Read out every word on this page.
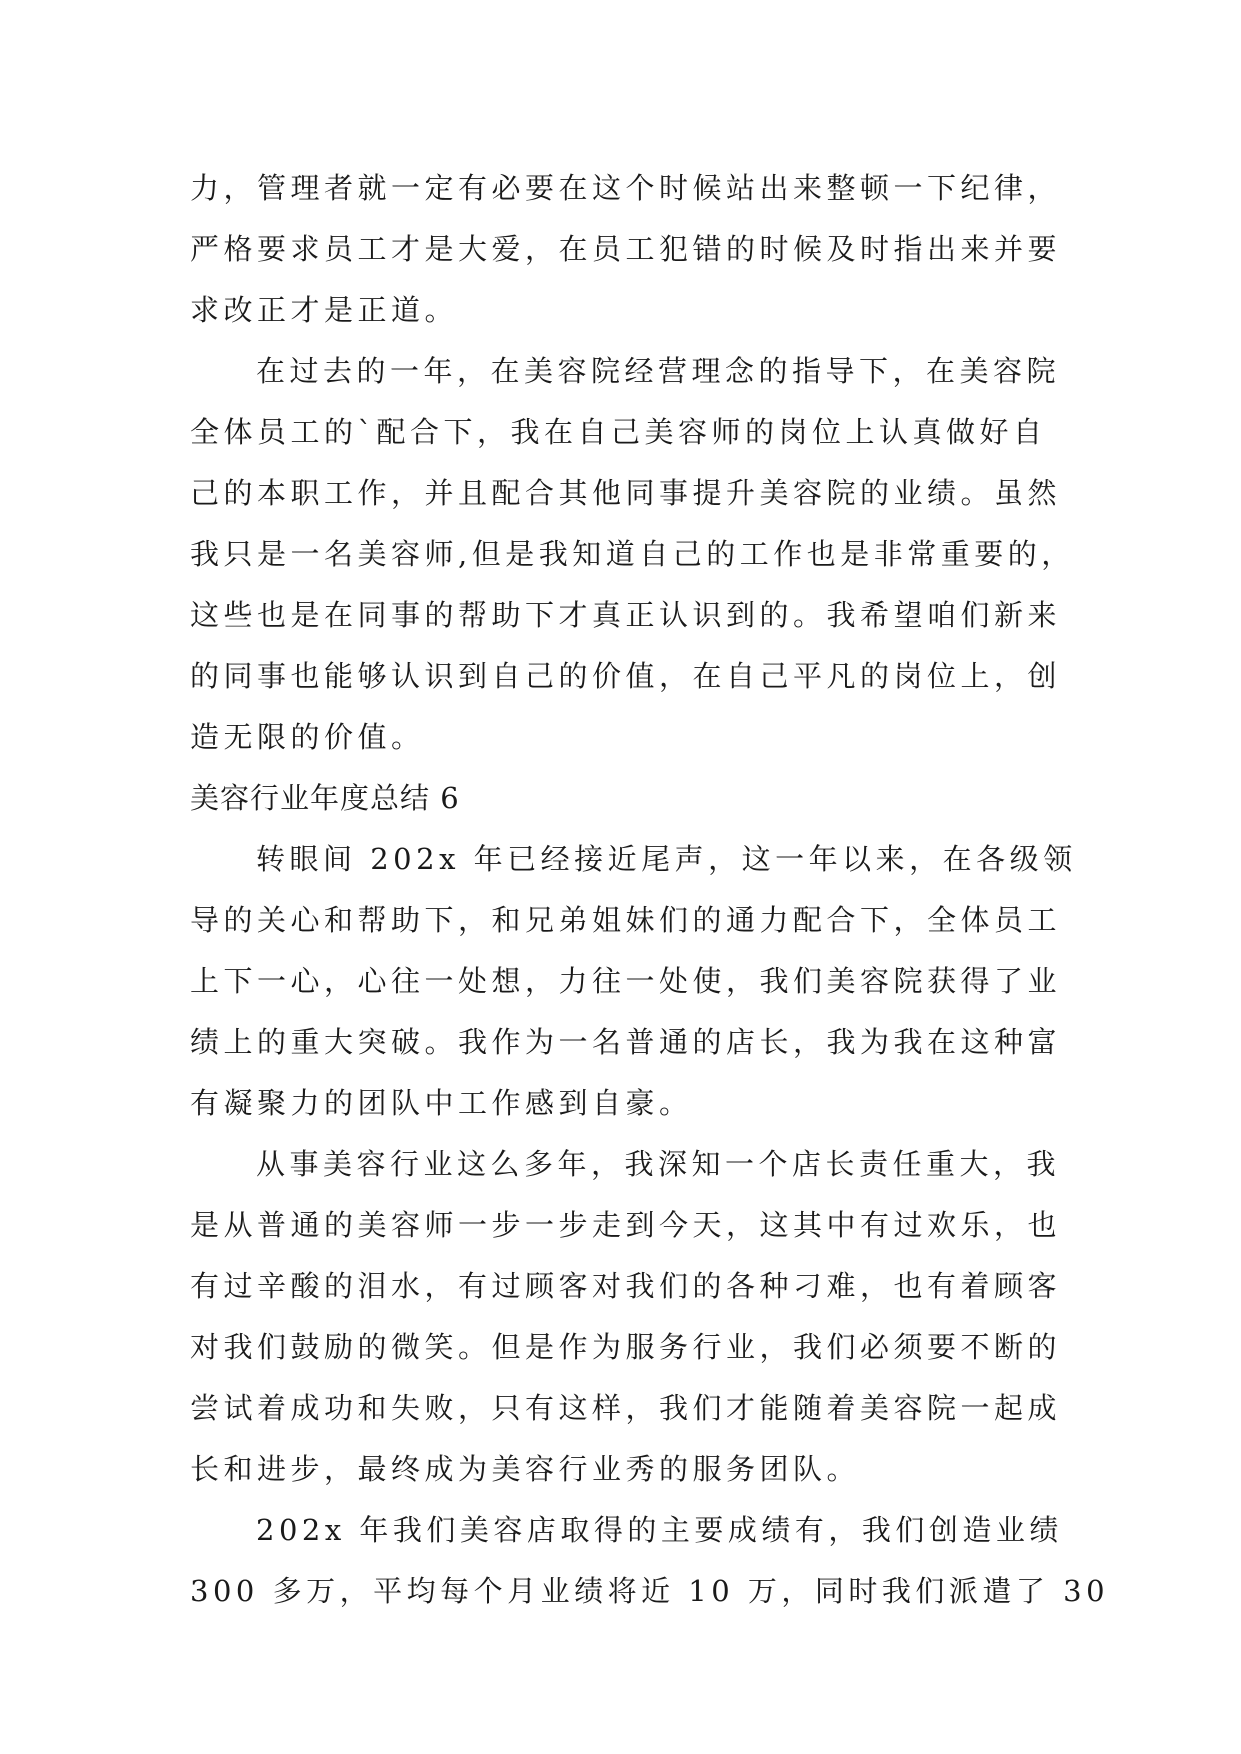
力，管理者就一定有必要在这个时候站出来整顿一下纪律，
严格要求员工才是大爱，在员工犯错的时候及时指出来并要
求改正才是正道。
在过去的一年，在美容院经营理念的指导下，在美容院
全体员工的`配合下，我在自己美容师的岗位上认真做好自
己的本职工作，并且配合其他同事提升美容院的业绩。虽然
我只是一名美容师,但是我知道自己的工作也是非常重要的，
这些也是在同事的帮助下才真正认识到的。我希望咱们新来
的同事也能够认识到自己的价值，在自己平凡的岗位上，创
造无限的价值。
美容行业年度总结 6
转眼间 202x 年已经接近尾声，这一年以来，在各级领
导的关心和帮助下，和兄弟姐妹们的通力配合下，全体员工
上下一心，心往一处想，力往一处使，我们美容院获得了业
绩上的重大突破。我作为一名普通的店长，我为我在这种富
有凝聚力的团队中工作感到自豪。
从事美容行业这么多年，我深知一个店长责任重大，我
是从普通的美容师一步一步走到今天，这其中有过欢乐，也
有过辛酸的泪水，有过顾客对我们的各种刁难，也有着顾客
对我们鼓励的微笑。但是作为服务行业，我们必须要不断的
尝试着成功和失败，只有这样，我们才能随着美容院一起成
长和进步，最终成为美容行业秀的服务团队。
202x 年我们美容店取得的主要成绩有，我们创造业绩
300 多万，平均每个月业绩将近 10 万，同时我们派遣了 30
